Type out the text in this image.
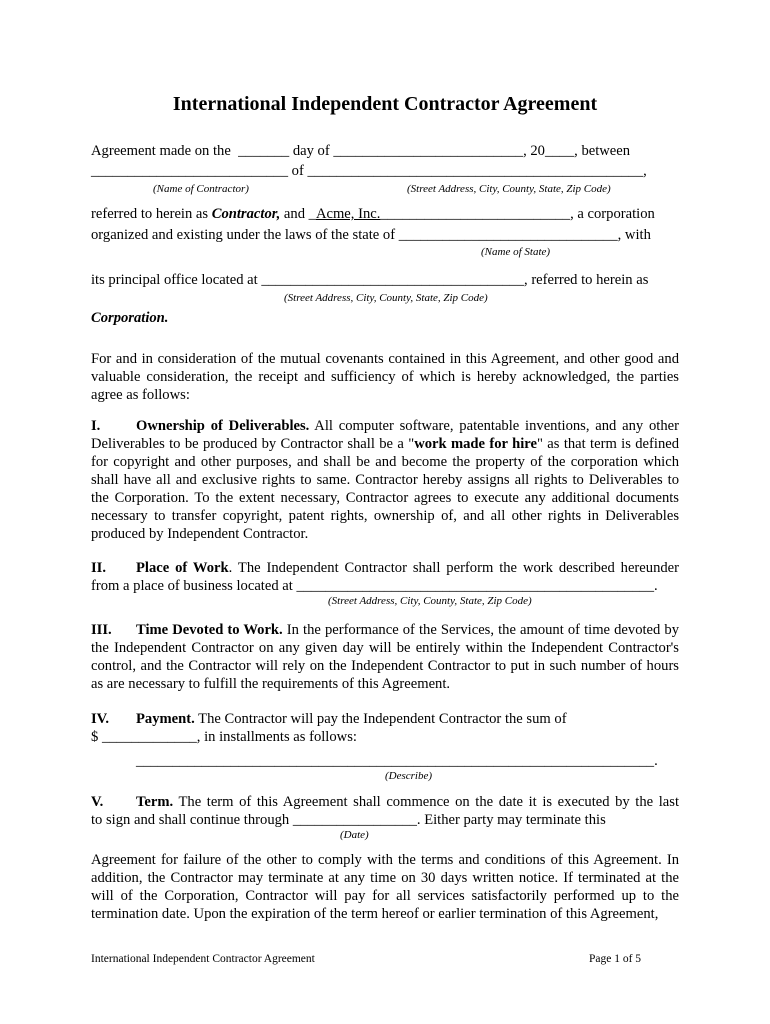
International Independent Contractor Agreement
Agreement made on the  _______ day of __________________________, 20____, between
___________________________ of ______________________________________________,
(Name of Contractor)	(Street Address, City, County, State, Zip Code)
referred to herein as Contractor, and _Acme, Inc.__________________________, a corporation
organized and existing under the laws of the state of ______________________________, with
(Name of State)
its principal office located at ____________________________________, referred to herein as
(Street Address, City, County, State, Zip Code)
Corporation.
For and in consideration of the mutual covenants contained in this Agreement, and other good and valuable consideration, the receipt and sufficiency of which is hereby acknowledged, the parties agree as follows:
I. Ownership of Deliverables. All computer software, patentable inventions, and any other Deliverables to be produced by Contractor shall be a "work made for hire" as that term is defined for copyright and other purposes, and shall be and become the property of the corporation which shall have all and exclusive rights to same. Contractor hereby assigns all rights to Deliverables to the Corporation. To the extent necessary, Contractor agrees to execute any additional documents necessary to transfer copyright, patent rights, ownership of, and all other rights in Deliverables produced by Independent Contractor.
II. Place of Work. The Independent Contractor shall perform the work described hereunder
from a place of business located at _________________________________________________.
(Street Address, City, County, State, Zip Code)
III. Time Devoted to Work. In the performance of the Services, the amount of time devoted by the Independent Contractor on any given day will be entirely within the Independent Contractor's control, and the Contractor will rely on the Independent Contractor to put in such number of hours as are necessary to fulfill the requirements of this Agreement.
IV. Payment. The Contractor will pay the Independent Contractor the sum of
$ _____________, in installments as follows:
_______________________________________________________________________.
(Describe)
V. Term. The term of this Agreement shall commence on the date it is executed by the last
to sign and shall continue through _________________. Either party may terminate this
(Date)
Agreement for failure of the other to comply with the terms and conditions of this Agreement. In addition, the Contractor may terminate at any time on 30 days written notice. If terminated at the will of the Corporation, Contractor will pay for all services satisfactorily performed up to the termination date. Upon the expiration of the term hereof or earlier termination of this Agreement,
International Independent Contractor Agreement	Page 1 of 5
